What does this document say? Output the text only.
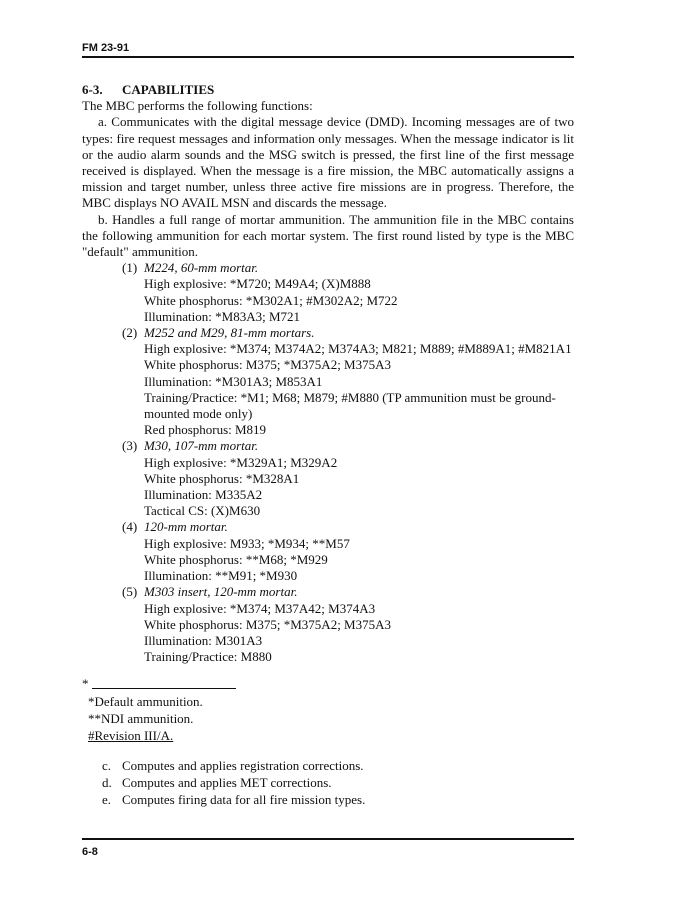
FM 23-91

6-3. CAPABILITIES

The MBC performs the following functions:

a. Communicates with the digital message device (DMD). Incoming messages are of two types: fire request messages and information only messages. When the message indicator is lit or the audio alarm sounds and the MSG switch is pressed, the first line of the first message received is displayed. When the message is a fire mission, the MBC automatically assigns a mission and target number, unless three active fire missions are in progress. Therefore, the MBC displays NO AVAIL MSN and discards the message.

b. Handles a full range of mortar ammunition. The ammunition file in the MBC contains the following ammunition for each mortar system. The first round listed by type is the MBC "default" ammunition.

(1) M224, 60-mm mortar.
High explosive: *M720; M49A4; (X)M888
White phosphorus: *M302A1; #M302A2; M722
Illumination: *M83A3; M721
(2) M252 and M29, 81-mm mortars.
High explosive: *M374; M374A2; M374A3; M821; M889; #M889A1; #M821A1
White phosphorus: M375; *M375A2; M375A3
Illumination: *M301A3; M853A1
Training/Practice: *M1; M68; M879; #M880 (TP ammunition must be ground-mounted mode only)
Red phosphorus: M819
(3) M30, 107-mm mortar.
High explosive: *M329A1; M329A2
White phosphorus: *M328A1
Illumination: M335A2
Tactical CS: (X)M630
(4) 120-mm mortar.
High explosive: M933; *M934; **M57
White phosphorus: **M68; *M929
Illumination: **M91; *M930
(5) M303 insert, 120-mm mortar.
High explosive: *M374; M37A42; M374A3
White phosphorus: M375; *M375A2; M375A3
Illumination: M301A3
Training/Practice: M880
*
*Default ammunition.
**NDI ammunition.
#Revision III/A.
c. Computes and applies registration corrections.
d. Computes and applies MET corrections.
e. Computes firing data for all fire mission types.
6-8
